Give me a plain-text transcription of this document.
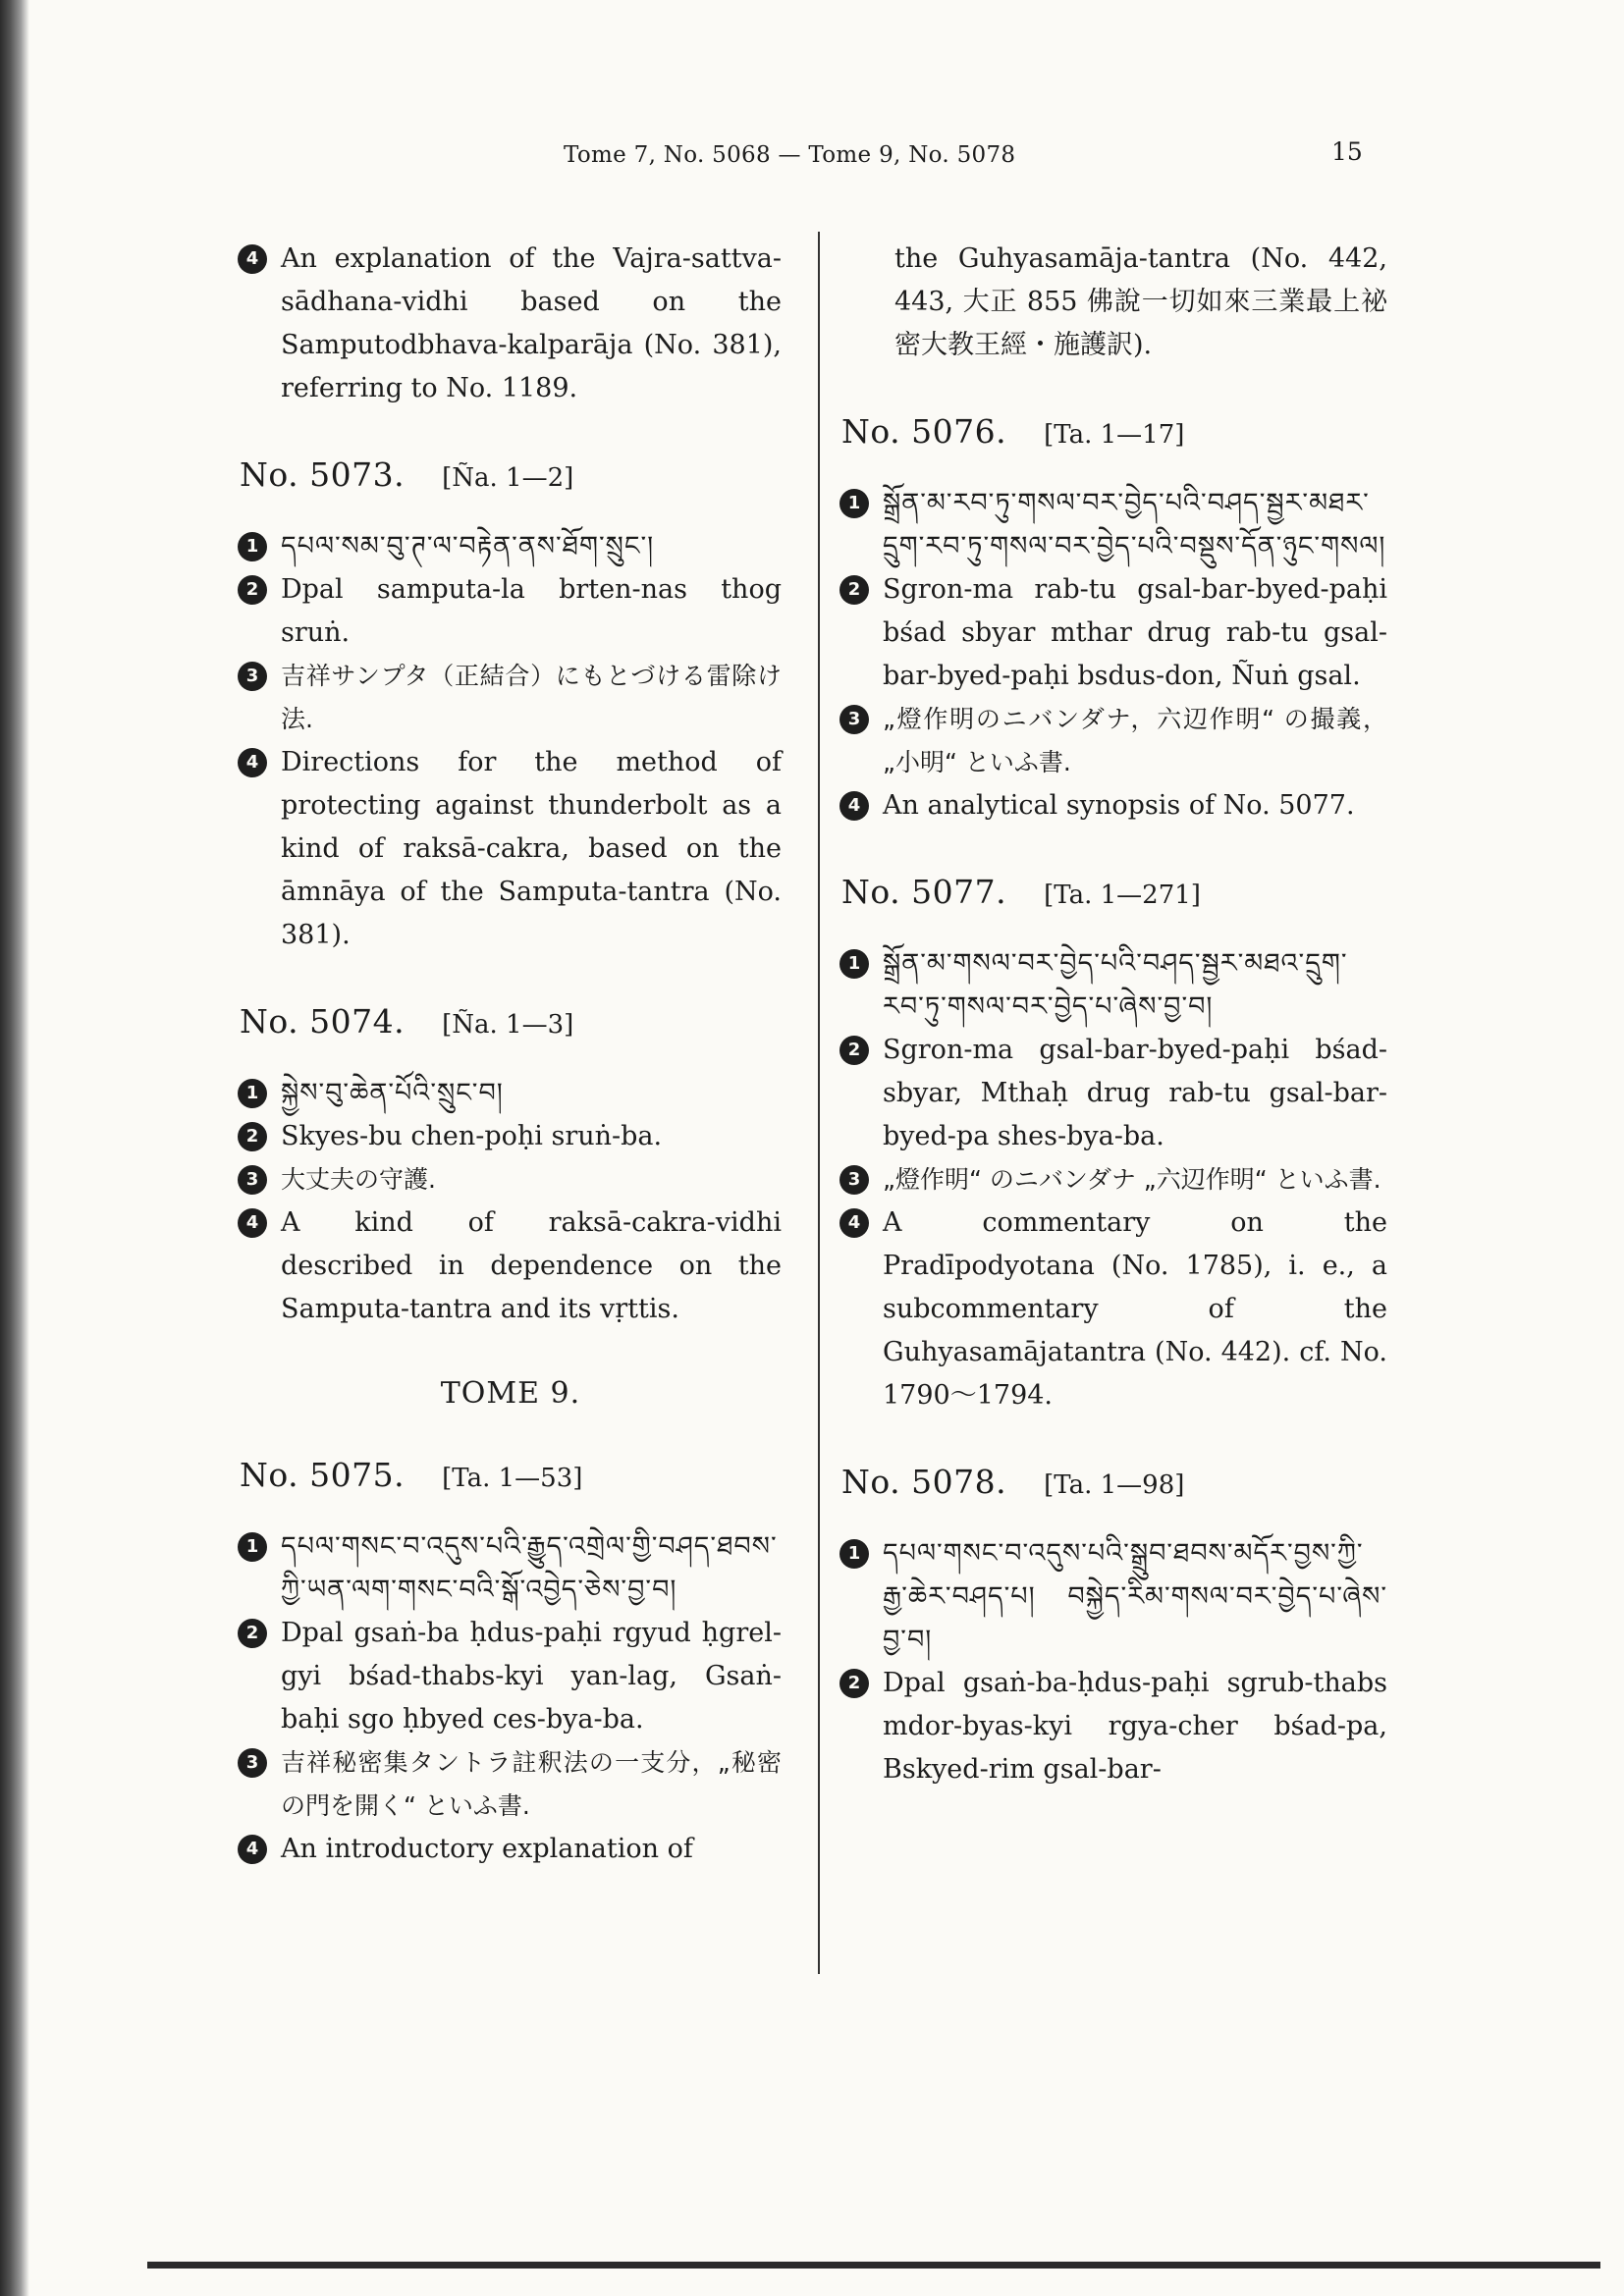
Tome 7, No. 5068 — Tome 9, No. 5078	15
4 An explanation of the Vajra-sattva-sādhana-vidhi based on the Samputodbhava-kalparāja (No. 381), referring to No. 1189.
No. 5073. [Ña. 1—2]
1 དཔལ་སམ་བུ་ཊ་ལ་བརྟེན་ནས་ཐོག་སྲུང་།
2 Dpal samputa-la brten-nas thog sruṅ.
3 吉祥サンプタ（正結合）にもとづける雷除け法.
4 Directions for the method of protecting against thunderbolt as a kind of raksā-cakra, based on the āmnāya of the Samputa-tantra (No. 381).
No. 5074. [Ña. 1—3]
1 སྐྱེས་བུ་ཆེན་པོའི་སྲུང་བ།
2 Skyes-bu chen-poḥi sruṅ-ba.
3 大丈夫の守護.
4 A kind of raksā-cakra-vidhi described in dependence on the Samputa-tantra and its vṛttis.
TOME 9.
No. 5075. [Ta. 1—53]
1 དཔལ་གསང་བ་འདུས་པའི་རྒྱུད་འགྲེལ་གྱི་བཤད་ཐབས་ཀྱི་ཡན་ལག་གསང་བའི་སྒོ་འབྱེད་ཅེས་བྱ་བ།
2 Dpal gsaṅ-ba ḥdus-paḥi rgyud ḥgrel-gyi bśad-thabs-kyi yan-lag, Gsaṅ-baḥi sgo ḥbyed ces-bya-ba.
3 吉祥秘密集タントラ註釈法の一支分，„秘密の門を開く“ といふ書.
4 An introductory explanation of
the Guhyasamāja-tantra (No. 442, 443, 大正 855 佛說一切如來三業最上祕密大教王經・施護訳).
No. 5076. [Ta. 1—17]
1 སྒྲོན་མ་རབ་ཏུ་གསལ་བར་བྱེད་པའི་བཤད་སྦྱར་མཐར་དྲུག་རབ་ཏུ་གསལ་བར་བྱེད་པའི་བསྡུས་དོན་ཉུང་གསལ།
2 Sgron-ma rab-tu gsal-bar-byed-paḥi bśad sbyar mthar drug rab-tu gsal-bar-byed-paḥi bsdus-don, Ñuṅ gsal.
3 „燈作明のニバンダナ，六辺作明“ の撮義，„小明“ といふ書.
4 An analytical synopsis of No. 5077.
No. 5077. [Ta. 1—271]
1 སྒྲོན་མ་གསལ་བར་བྱེད་པའི་བཤད་སྦྱར་མཐའ་དྲུག་རབ་ཏུ་གསལ་བར་བྱེད་པ་ཞེས་བྱ་བ།
2 Sgron-ma gsal-bar-byed-paḥi bśad-sbyar, Mthaḥ drug rab-tu gsal-bar-byed-pa shes-bya-ba.
3 „燈作明“ のニバンダナ „六辺作明“ といふ書.
4 A commentary on the Pradīpodyotana (No. 1785), i. e., a subcommentary of the Guhyasamājatantra (No. 442). cf. No. 1790〜1794.
No. 5078. [Ta. 1—98]
1 དཔལ་གསང་བ་འདུས་པའི་སྒྲུབ་ཐབས་མདོར་བྱས་ཀྱི་རྒྱ་ཆེར་བཤད་པ། བསྐྱེད་རིམ་གསལ་བར་བྱེད་པ་ཞེས་བྱ་བ།
2 Dpal gsaṅ-ba-ḥdus-paḥi sgrub-thabs mdor-byas-kyi rgya-cher bśad-pa, Bskyed-rim gsal-bar-
